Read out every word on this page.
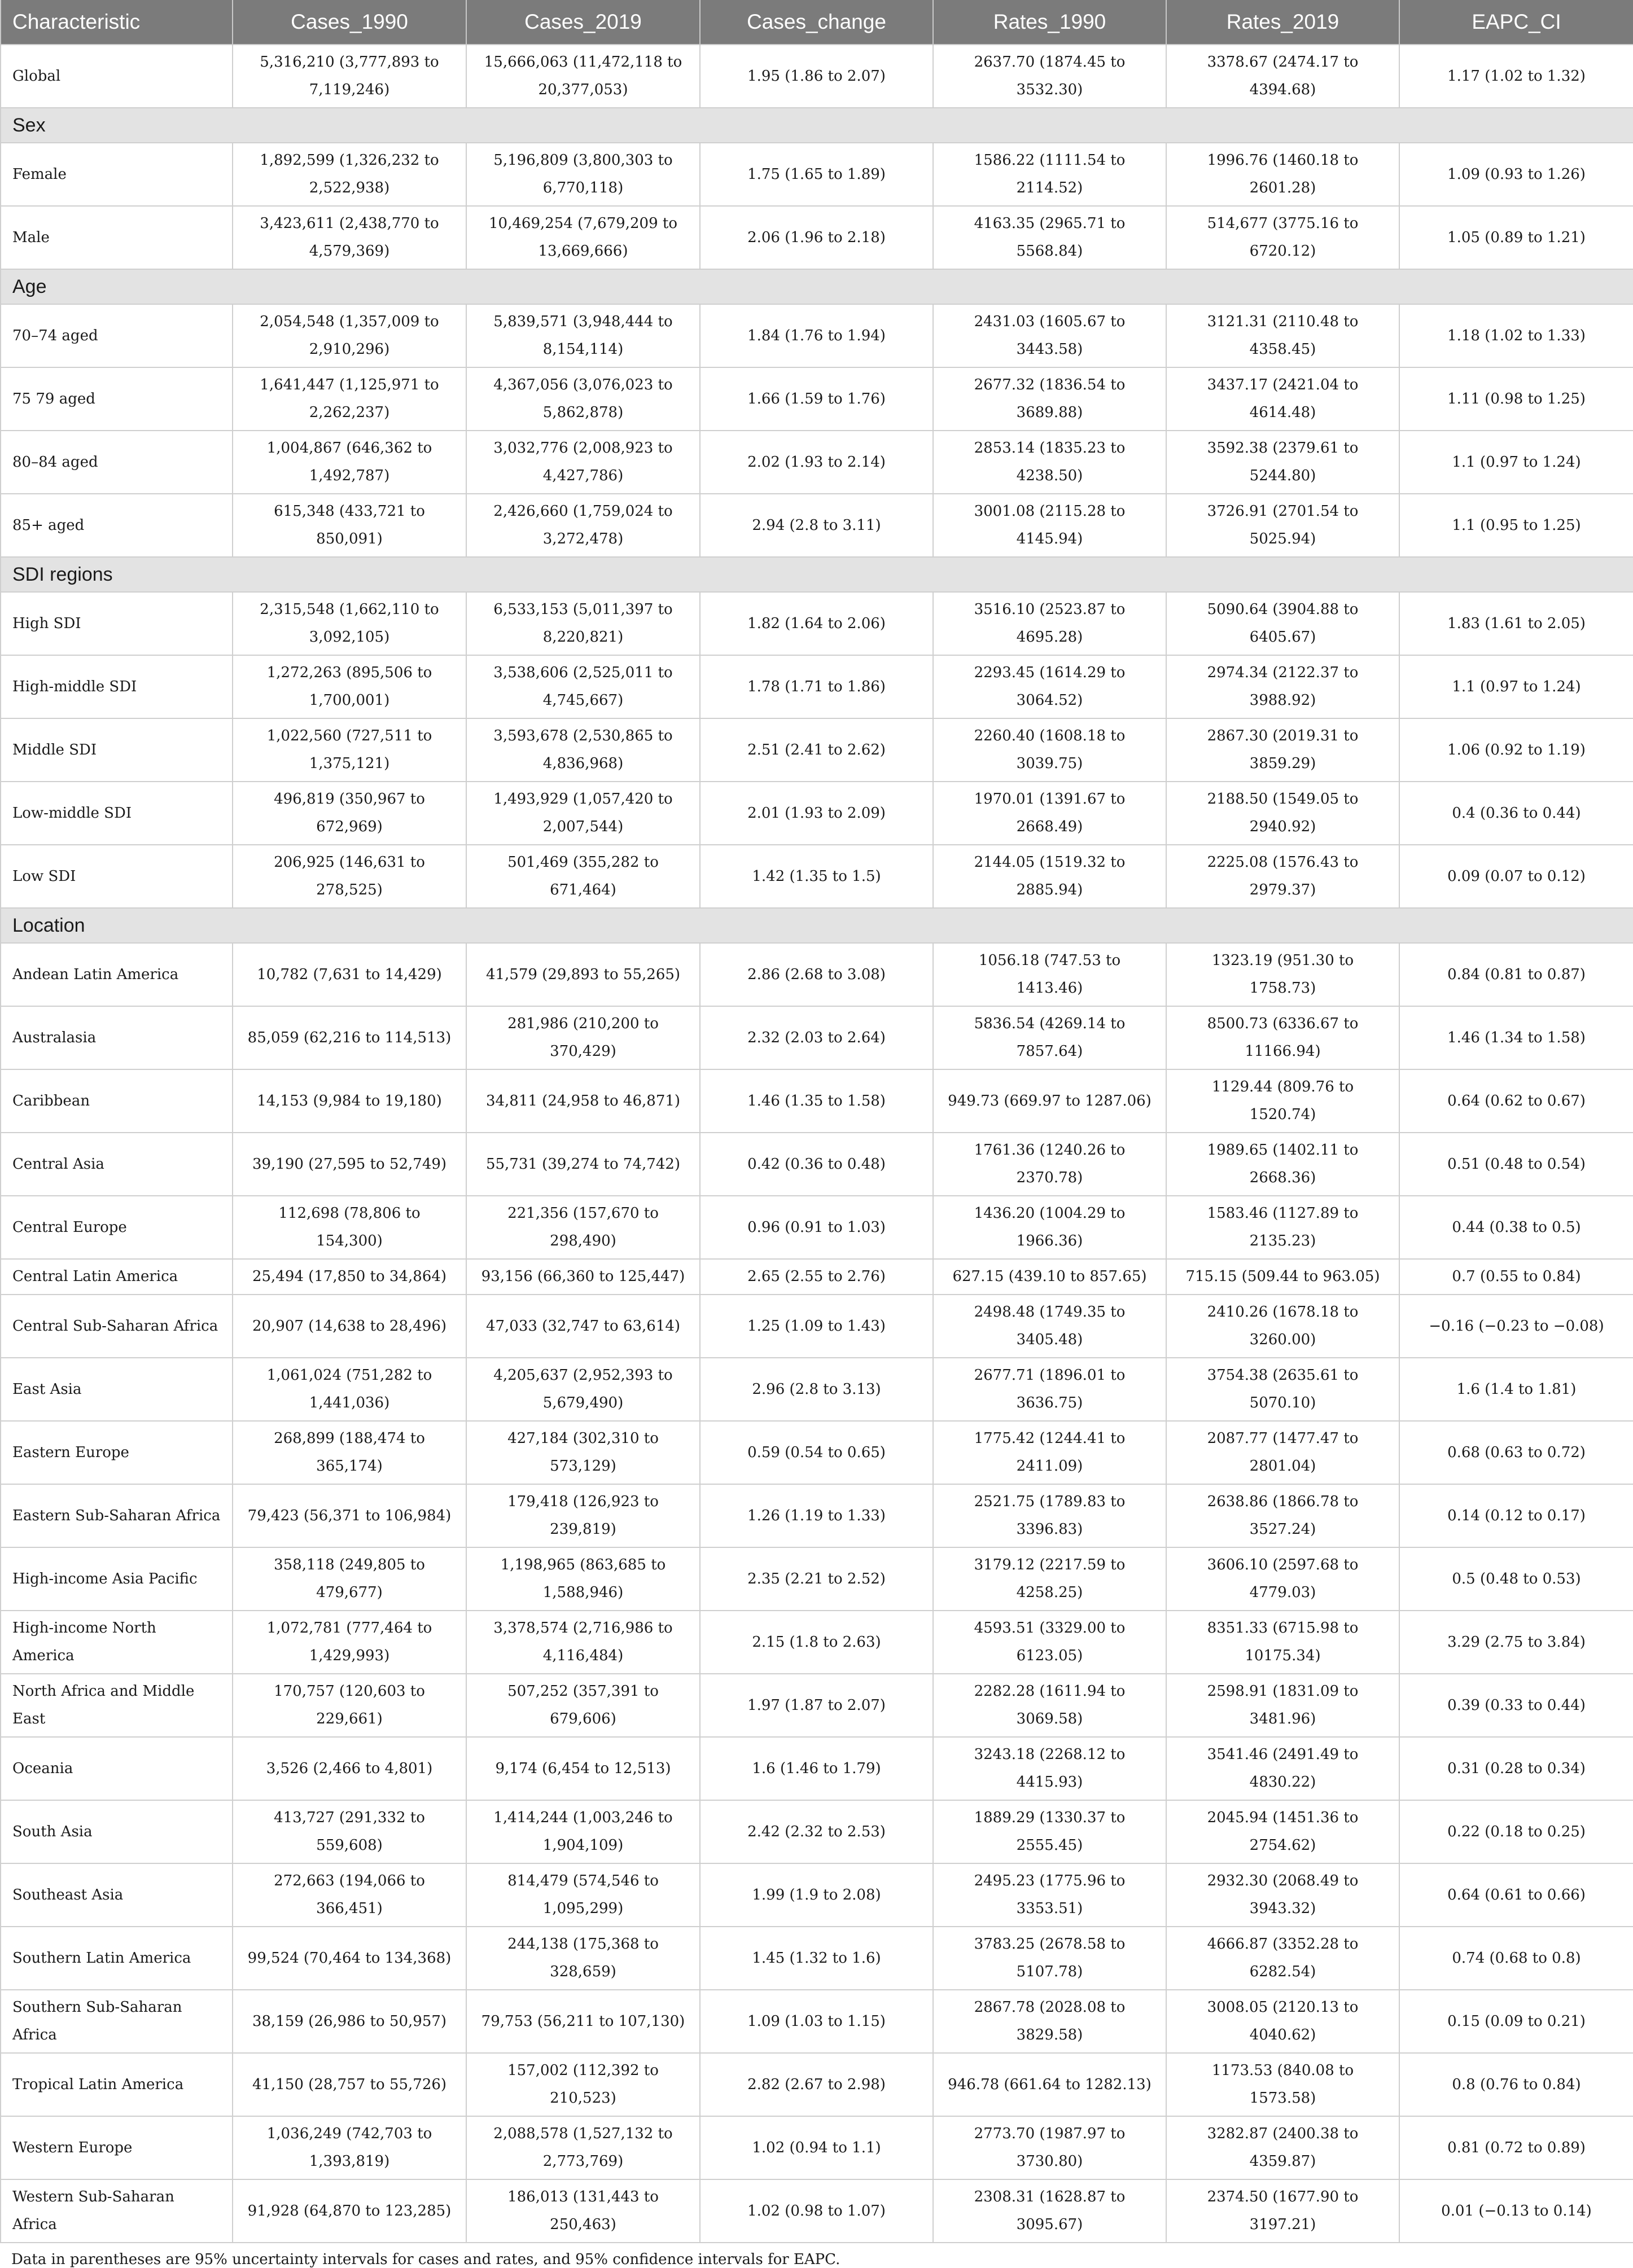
Characteristic	Cases_1990	Cases_2019	Cases_change	Rates_1990	Rates_2019	EAPC_CI
Global	5,316,210 (3,777,893 to 7,119,246)	15,666,063 (11,472,118 to 20,377,053)	1.95 (1.86 to 2.07)	2637.70 (1874.45 to 3532.30)	3378.67 (2474.17 to 4394.68)	1.17 (1.02 to 1.32)
Sex						
Female	1,892,599 (1,326,232 to 2,522,938)	5,196,809 (3,800,303 to 6,770,118)	1.75 (1.65 to 1.89)	1586.22 (1111.54 to 2114.52)	1996.76 (1460.18 to 2601.28)	1.09 (0.93 to 1.26)
Male	3,423,611 (2,438,770 to 4,579,369)	10,469,254 (7,679,209 to 13,669,666)	2.06 (1.96 to 2.18)	4163.35 (2965.71 to 5568.84)	514,677 (3775.16 to 6720.12)	1.05 (0.89 to 1.21)
Age						
70–74 aged	2,054,548 (1,357,009 to 2,910,296)	5,839,571 (3,948,444 to 8,154,114)	1.84 (1.76 to 1.94)	2431.03 (1605.67 to 3443.58)	3121.31 (2110.48 to 4358.45)	1.18 (1.02 to 1.33)
75 79 aged	1,641,447 (1,125,971 to 2,262,237)	4,367,056 (3,076,023 to 5,862,878)	1.66 (1.59 to 1.76)	2677.32 (1836.54 to 3689.88)	3437.17 (2421.04 to 4614.48)	1.11 (0.98 to 1.25)
80–84 aged	1,004,867 (646,362 to 1,492,787)	3,032,776 (2,008,923 to 4,427,786)	2.02 (1.93 to 2.14)	2853.14 (1835.23 to 4238.50)	3592.38 (2379.61 to 5244.80)	1.1 (0.97 to 1.24)
85+ aged	615,348 (433,721 to 850,091)	2,426,660 (1,759,024 to 3,272,478)	2.94 (2.8 to 3.11)	3001.08 (2115.28 to 4145.94)	3726.91 (2701.54 to 5025.94)	1.1 (0.95 to 1.25)
SDI regions						
High SDI	2,315,548 (1,662,110 to 3,092,105)	6,533,153 (5,011,397 to 8,220,821)	1.82 (1.64 to 2.06)	3516.10 (2523.87 to 4695.28)	5090.64 (3904.88 to 6405.67)	1.83 (1.61 to 2.05)
High-middle SDI	1,272,263 (895,506 to 1,700,001)	3,538,606 (2,525,011 to 4,745,667)	1.78 (1.71 to 1.86)	2293.45 (1614.29 to 3064.52)	2974.34 (2122.37 to 3988.92)	1.1 (0.97 to 1.24)
Middle SDI	1,022,560 (727,511 to 1,375,121)	3,593,678 (2,530,865 to 4,836,968)	2.51 (2.41 to 2.62)	2260.40 (1608.18 to 3039.75)	2867.30 (2019.31 to 3859.29)	1.06 (0.92 to 1.19)
Low-middle SDI	496,819 (350,967 to 672,969)	1,493,929 (1,057,420 to 2,007,544)	2.01 (1.93 to 2.09)	1970.01 (1391.67 to 2668.49)	2188.50 (1549.05 to 2940.92)	0.4 (0.36 to 0.44)
Low SDI	206,925 (146,631 to 278,525)	501,469 (355,282 to 671,464)	1.42 (1.35 to 1.5)	2144.05 (1519.32 to 2885.94)	2225.08 (1576.43 to 2979.37)	0.09 (0.07 to 0.12)
Location						
Andean Latin America	10,782 (7,631 to 14,429)	41,579 (29,893 to 55,265)	2.86 (2.68 to 3.08)	1056.18 (747.53 to 1413.46)	1323.19 (951.30 to 1758.73)	0.84 (0.81 to 0.87)
Australasia	85,059 (62,216 to 114,513)	281,986 (210,200 to 370,429)	2.32 (2.03 to 2.64)	5836.54 (4269.14 to 7857.64)	8500.73 (6336.67 to 11166.94)	1.46 (1.34 to 1.58)
Caribbean	14,153 (9,984 to 19,180)	34,811 (24,958 to 46,871)	1.46 (1.35 to 1.58)	949.73 (669.97 to 1287.06)	1129.44 (809.76 to 1520.74)	0.64 (0.62 to 0.67)
Central Asia	39,190 (27,595 to 52,749)	55,731 (39,274 to 74,742)	0.42 (0.36 to 0.48)	1761.36 (1240.26 to 2370.78)	1989.65 (1402.11 to 2668.36)	0.51 (0.48 to 0.54)
Central Europe	112,698 (78,806 to 154,300)	221,356 (157,670 to 298,490)	0.96 (0.91 to 1.03)	1436.20 (1004.29 to 1966.36)	1583.46 (1127.89 to 2135.23)	0.44 (0.38 to 0.5)
Central Latin America	25,494 (17,850 to 34,864)	93,156 (66,360 to 125,447)	2.65 (2.55 to 2.76)	627.15 (439.10 to 857.65)	715.15 (509.44 to 963.05)	0.7 (0.55 to 0.84)
Central Sub-Saharan Africa	20,907 (14,638 to 28,496)	47,033 (32,747 to 63,614)	1.25 (1.09 to 1.43)	2498.48 (1749.35 to 3405.48)	2410.26 (1678.18 to 3260.00)	−0.16 (−0.23 to −0.08)
East Asia	1,061,024 (751,282 to 1,441,036)	4,205,637 (2,952,393 to 5,679,490)	2.96 (2.8 to 3.13)	2677.71 (1896.01 to 3636.75)	3754.38 (2635.61 to 5070.10)	1.6 (1.4 to 1.81)
Eastern Europe	268,899 (188,474 to 365,174)	427,184 (302,310 to 573,129)	0.59 (0.54 to 0.65)	1775.42 (1244.41 to 2411.09)	2087.77 (1477.47 to 2801.04)	0.68 (0.63 to 0.72)
Eastern Sub-Saharan Africa	79,423 (56,371 to 106,984)	179,418 (126,923 to 239,819)	1.26 (1.19 to 1.33)	2521.75 (1789.83 to 3396.83)	2638.86 (1866.78 to 3527.24)	0.14 (0.12 to 0.17)
High-income Asia Pacific	358,118 (249,805 to 479,677)	1,198,965 (863,685 to 1,588,946)	2.35 (2.21 to 2.52)	3179.12 (2217.59 to 4258.25)	3606.10 (2597.68 to 4779.03)	0.5 (0.48 to 0.53)
High-income North America	1,072,781 (777,464 to 1,429,993)	3,378,574 (2,716,986 to 4,116,484)	2.15 (1.8 to 2.63)	4593.51 (3329.00 to 6123.05)	8351.33 (6715.98 to 10175.34)	3.29 (2.75 to 3.84)
North Africa and Middle East	170,757 (120,603 to 229,661)	507,252 (357,391 to 679,606)	1.97 (1.87 to 2.07)	2282.28 (1611.94 to 3069.58)	2598.91 (1831.09 to 3481.96)	0.39 (0.33 to 0.44)
Oceania	3,526 (2,466 to 4,801)	9,174 (6,454 to 12,513)	1.6 (1.46 to 1.79)	3243.18 (2268.12 to 4415.93)	3541.46 (2491.49 to 4830.22)	0.31 (0.28 to 0.34)
South Asia	413,727 (291,332 to 559,608)	1,414,244 (1,003,246 to 1,904,109)	2.42 (2.32 to 2.53)	1889.29 (1330.37 to 2555.45)	2045.94 (1451.36 to 2754.62)	0.22 (0.18 to 0.25)
Southeast Asia	272,663 (194,066 to 366,451)	814,479 (574,546 to 1,095,299)	1.99 (1.9 to 2.08)	2495.23 (1775.96 to 3353.51)	2932.30 (2068.49 to 3943.32)	0.64 (0.61 to 0.66)
Southern Latin America	99,524 (70,464 to 134,368)	244,138 (175,368 to 328,659)	1.45 (1.32 to 1.6)	3783.25 (2678.58 to 5107.78)	4666.87 (3352.28 to 6282.54)	0.74 (0.68 to 0.8)
Southern Sub-Saharan Africa	38,159 (26,986 to 50,957)	79,753 (56,211 to 107,130)	1.09 (1.03 to 1.15)	2867.78 (2028.08 to 3829.58)	3008.05 (2120.13 to 4040.62)	0.15 (0.09 to 0.21)
Tropical Latin America	41,150 (28,757 to 55,726)	157,002 (112,392 to 210,523)	2.82 (2.67 to 2.98)	946.78 (661.64 to 1282.13)	1173.53 (840.08 to 1573.58)	0.8 (0.76 to 0.84)
Western Europe	1,036,249 (742,703 to 1,393,819)	2,088,578 (1,527,132 to 2,773,769)	1.02 (0.94 to 1.1)	2773.70 (1987.97 to 3730.80)	3282.87 (2400.38 to 4359.87)	0.81 (0.72 to 0.89)
Western Sub-Saharan Africa	91,928 (64,870 to 123,285)	186,013 (131,443 to 250,463)	1.02 (0.98 to 1.07)	2308.31 (1628.87 to 3095.67)	2374.50 (1677.90 to 3197.21)	0.01 (−0.13 to 0.14)
Data in parentheses are 95% uncertainty intervals for cases and rates, and 95% confidence intervals for EAPC.
